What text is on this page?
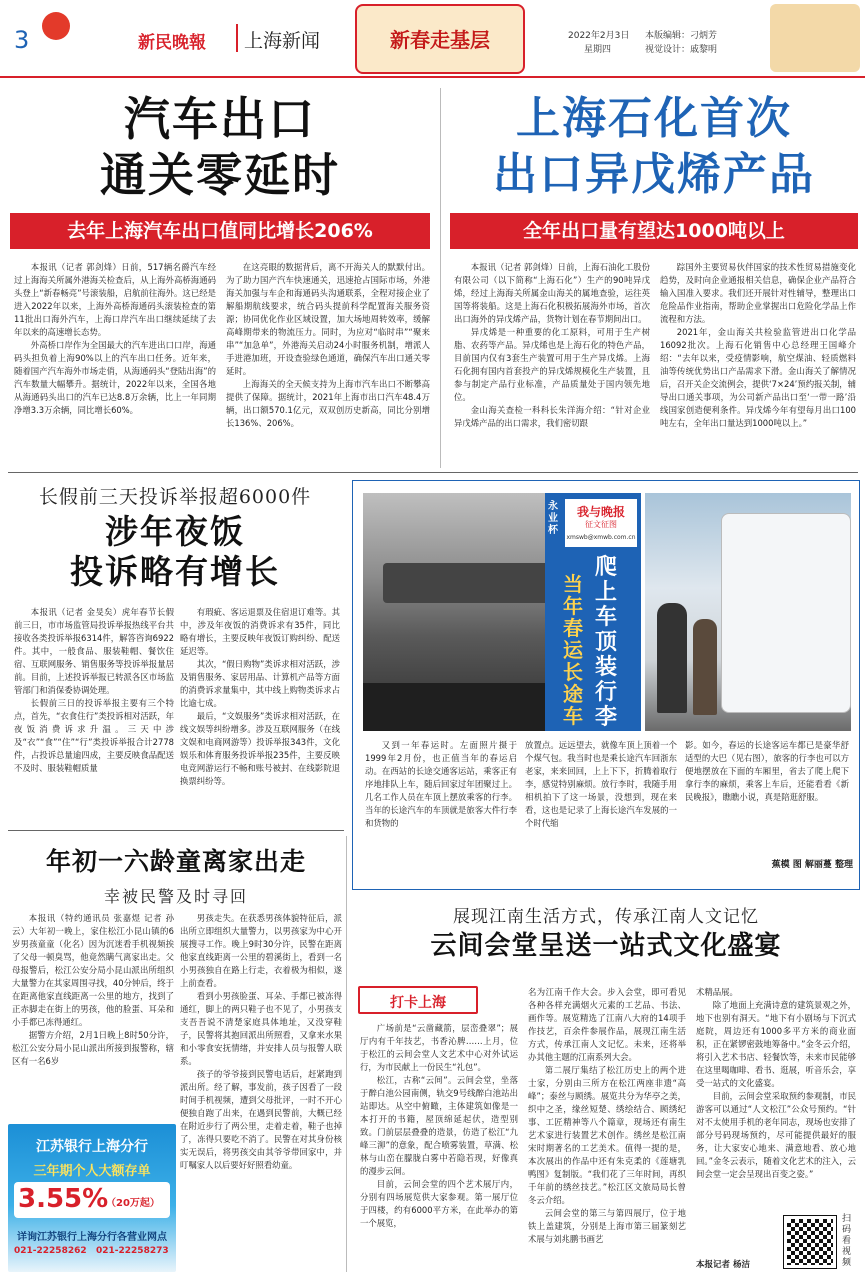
3	新民晚報 上海新闻	新春走基层	2022年2月3日
星期四
本版编辑：刁炳芳
视觉设计：戚黎明
汽车出口
通关零延时
去年上海汽车出口值同比增长206%

本报讯（记者 郭剑烽）日前，517辆名爵汽车经过上海海关所属外港海关检查后，从上海外高桥海通码头登上“新春畅亮”号滚装船，启航前往海外。这已经是进入2022年以来，上海外高桥海通码头滚装检查的第11批出口海外汽车，上海口岸汽车出口继续延续了去年以来的高速增长态势。

外高桥口岸作为全国最大的汽车进出口口岸，海通码头担负着上海90%以上的汽车出口任务。近年来，随着国产汽车海外市场走俏，从海通码头“登陆出海”的汽车数量大幅攀升。据统计，2022年以来，全国各地从海通码头出口的汽车已达8.8万余辆，比上一年同期净增3.3万余辆，同比增长60%。

在这亮眼的数据背后，离不开海关人的默默付出。为了助力国产汽车快速通关，迅速抢占国际市场，外港海关加强与车企和海通码头沟通联系，全程对接企业了解船期航线要求，统合码头提前科学配置海关服务资源；协同优化作业区域设置，加大场地周转效率，缓解高峰期带来的物流压力。同时，为应对“临时串”“聚来串”“加急单”，外港海关启动24小时服务机制，增派人手进港加班，开设查验绿色通道，确保汽车出口通关零延时。

上海海关的全天候支持为上海市汽车出口不断攀高提供了保障。据统计，2021年上海市出口汽车48.4万辆，出口额570.1亿元，双双创历史新高，同比分别增长136%、206%。

上海石化首次
出口异戊烯产品
全年出口量有望达1000吨以上

本报讯（记者 郭剑烽）日前，上海石油化工股份有限公司（以下简称“上海石化”）生产的90吨异戊烯，经过上海海关所属金山海关的属地查验，运往英国等将装船。这是上海石化积极拓展海外市场，首次出口海外的异戊烯产品，货物计划在春节期间出口。

异戊烯是一种重要的化工原料，可用于生产树脂、农药等产品。异戊烯也是上海石化的特色产品，目前国内仅有3套生产装置可用于生产异戊烯。上海石化拥有国内首套投产的异戊烯规模化生产装置，且参与制定产品行业标准，产品质量处于国内领先地位。

金山海关查检一科科长朱洋海介绍：“针对企业异戊烯产品的出口需求，我们密切跟

踪国外主要贸易伙伴国家的技术性贸易措施变化趋势，及时向企业通报相关信息，确保企业产品符合输入国准入要求。我们还开展针对性辅导，整理出口危险品作业指南，帮助企业掌握出口危险化学品上作流程和方法。

2021年，金山海关共检验监管进出口化学品16092批次。上海石化销售中心总经理王国峰介绍：“去年以来，受疫情影响，航空煤油、轻质燃料油等传统优势出口产品需求下滑。金山海关了解情况后，召开关企交流例会，提供‘7×24’预约报关制，辅导出口通关事项，为公司新产品出口至‘一带一路’沿线国家创造便利条件。异戊烯今年有望每月出口100吨左右，全年出口量达到1000吨以上。”

长假前三天投诉举报超6000件
涉年夜饭
投诉略有增长

本报讯（记者 金旻矣）虎年春节长假前三日，市市场监管局投诉举报热线平台共接收各类投诉举报6314件，解答咨询6922件。其中，一般食品、服装鞋帽、餐饮住宿、互联网服务、销售服务等投诉举报量居前。目前，上述投诉举报已转派各区市场监管部门和消保委协调处理。

长假前三日的投诉举报主要有三个特点，首先，“衣食住行”类投诉相对活跃，年夜饭消费诉求升温。三天中涉及“衣”“食”“住”“行”类投诉举报合计2778件，占投诉总量逾四成，主要反映食品配送不及时、服装鞋帽质量

有瑕疵、客运退票及住宿退订难等。其中，涉及年夜饭的消费诉求有35件，同比略有增长，主要反映年夜饭订购纠纷、配送延迟等。

其次，“假日购物”类诉求相对活跃，涉及销售服务、家居用品、计算机产品等方面的消费诉求量集中，其中线上购物类诉求占比逾七成。

最后，“文娱服务”类诉求相对活跃，在线文娱等纠纷增多。涉及互联网服务（在线文娱和电商网游等）投诉举报343件，文化娱乐和体育服务投诉举报235件，主要反映电竞网游运行不畅和账号被封、在线影院退换票纠纷等。

永业杯
我与晚报
征文征图
xmswb@xmwb.com.cn
爬上车顶装行李
当年春运长途车

又到一年春运时。左面照片摄于1999年2月份，也正值当年的春运启动。在西站的长途交通客运站，乘客正有序地排队上车，随后回家过年团聚过上。几名工作人员在车顶上摆放乘客的行李。当年的长途汽车的车顶就是旅客大件行李和货物的

放置点。远远望去，就像车顶上顶着一个个煤气包。我当时也是乘长途汽车回浙东老家，来来回回，上上下下，折腾着取行李，感觉特别麻烦。放行李时，我随手用相机拍下了这一场景，没想到，现在来看，这也是记录了上海长途汽车发展的一个时代缩

影。如今，春运的长途客运车都已是豪华舒适型的大巴（见右图），旅客的行李也可以方便地摆放在下面的车厢里，省去了爬上爬下拿行李的麻烦，乘客上车后，还能看看《新民晚报》，瞧瞧小说，真是陪逛舒服。

蕉模 图 解丽蔓 整理
年初一六龄童离家出走
幸被民警及时寻回

本报讯（特约通讯员 张嘉煜 记者 孙云）大年初一晚上，家住松江小昆山镇的6岁男孩童童（化名）因为沉迷看手机视频挨了父母一顿臭骂，他竟然瞒气离家出走。父母报警后，松江公安分局小昆山派出所组织大量警力在其家周围寻找，40分钟后，终于在距离他家直线距离一公里的地方，找到了正赤脚走在街上的男孩，他的脸蛋、耳朵和小手都已冻得通红。

据警方介绍，2月1日晚上8时50分许，松江公安分局小昆山派出所接到报警称，辖区有一名6岁

男孩走失。在获悉男孩体貌特征后，派出所立即组织大量警力，以男孩家为中心开展搜寻工作。晚上9时30分许，民警在距离他家直线距离一公里的碧溪街上，看到一名小男孩独自在路上行走，衣着极为相似，遂上前查看。

看到小男孩脸蛋、耳朵、手都已被冻得通红，脚上的两只鞋子也不见了，小男孩支支吾吾说不清楚家庭具体地址，又没穿鞋子，民警将其抱回派出所照看，又拿来水果和小零食安抚情绪，并安排人员与报警人联系。

孩子的爷爷接到民警电话后，赶紧跑到派出所。经了解，事发前，孩子因看了一段时间手机视频，遭到父母批评，一时不开心便独自跑了出来，在遇到民警前，大概已经在附近步行了两公里，走着走着，鞋子也掉了，冻得只要吃不消了。民警在对其身份核实无误后，将男孩交由其爷爷带回家中，并叮嘱家人以后要好好照看幼童。

江苏银行上海分行
三年期个人大额存单
3.55%
（20万起）
详询江苏银行上海分行各营业网点
021-22258262 021-22258273
展现江南生活方式，传承江南人文记忆
云间会堂呈送一站式文化盛宴
打卡上海

广场前是“云凿藏箭，层峦叠翠”；展厅内有千年技艺，书香沁脾……上月，位于松江的云间会堂人文艺术中心对外试运行，为市民献上一份民生“礼包”。

松江，古称“云间”。云间会堂，坐落于醉白池公园南侧，轨交9号线醉白池站出站即达。从空中俯瞰，主体建筑如像是一本打开的书籍，屋顶绵延起伏，造型别致。门前层层叠叠的造景，仿造了松江“九峰三泖”的意象，配合喷雾装置，草满、松林与山峦在朦胧白雾中若隐若现，好像真的漫步云间。

目前，云间会堂的四个艺术展厅内，分别有四场展览供大家参观。第一展厅位于四楼，约有6000平方米，在此举办的第一个展览，

名为江南千作大会。步入会堂，即可看见各种各样充满烟火元素的工艺品、书法、画作等。展览精选了江南八大府的14项手作技艺，百余件参展作品，展现江南生活方式，传承江南人文记忆。未来，还将举办其他主题的江南系列大会。

第二展厅集结了松江历史上的两个进士家，分别由三所方在松江两座非遗“高峰”；泰丝与顾绣。展览共分为华亭之美，织中之圣，缘丝短楚、绣绘结合、顾绣纪事、工匠精神等八个篇章，现场还有南生艺术家进行装置艺术创作。绣丝是松江南宋时期著名的工艺美术。值得一提的是，本次展出的作品中还有朱克柔的《莲塘乳鸭图》复制版。“我们花了三年时间，再织千年前的绣丝技艺。”松江区文旅局局长曾冬云介绍。

云间会堂的第三与第四展厅，位于地铁上盖建筑，分别是上海市第三届篆刻艺术展与刘兆鹏书画艺

术精品展。

除了地面上充满诗意的建筑景观之外，地下也别有洞天。“地下有小剧场与下沉式庭院，周边还有1000多平方米的商业面积，正在紧锣密鼓地筹备中。”金冬云介绍，将引入艺术书店、轻餐饮等，未来市民能够在这里喝咖啡、看书、逛展，听音乐会，享受一站式的文化盛宴。

目前，云间会堂采取预约参观制，市民游客可以通过“人文松江”公众号预约。“针对不太使用手机的老年同志，现场也安排了部分号码现场预约，尽可能提供最好的服务，让大家安心地来、满意地看、放心地回。”金冬云表示，随着文化艺术的注入，云间会堂一定会呈现出百变之姿。”

本报记者 杨洁
扫码看视频
